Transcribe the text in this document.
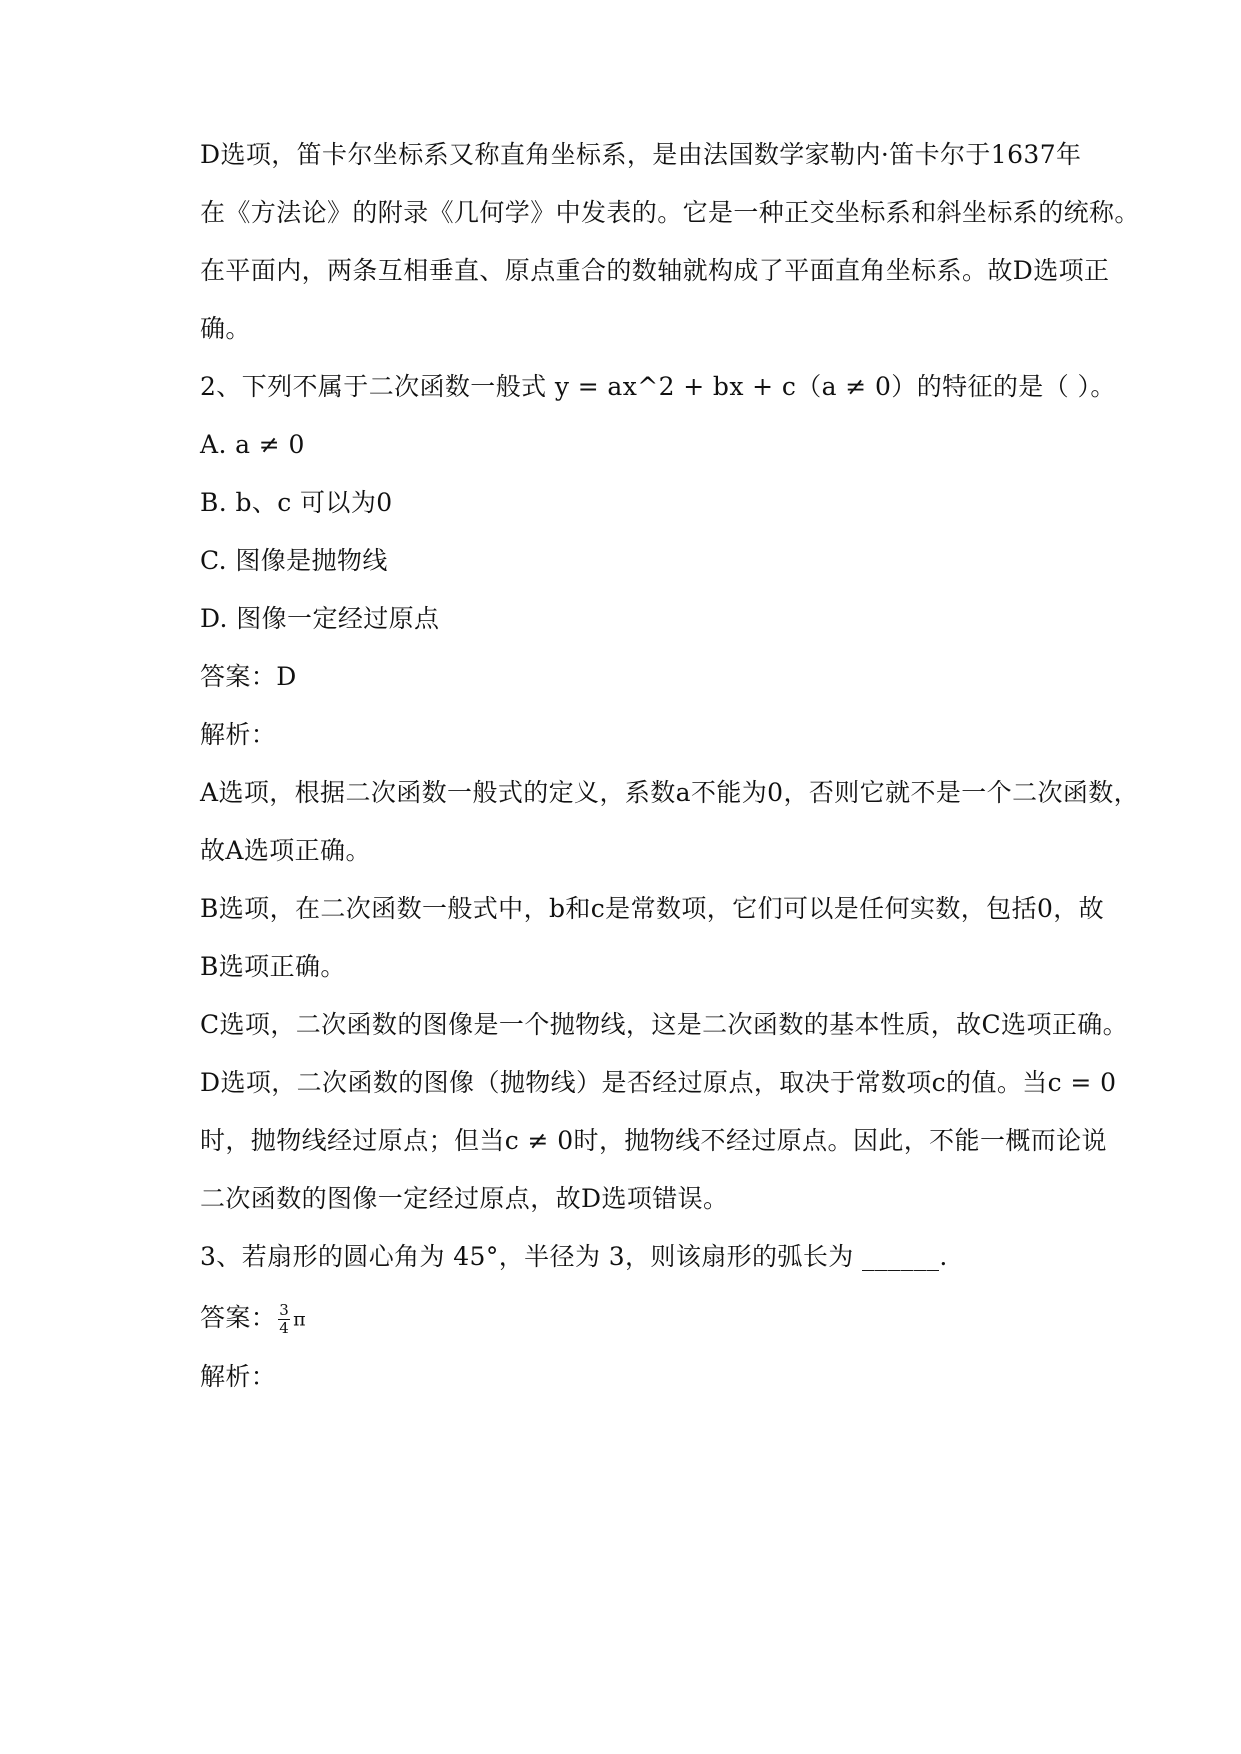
D选项，笛卡尔坐标系又称直角坐标系，是由法国数学家勒内·笛卡尔于1637年
在《方法论》的附录《几何学》中发表的。它是一种正交坐标系和斜坐标系的统称。
在平面内，两条互相垂直、原点重合的数轴就构成了平面直角坐标系。故D选项正
确。
2、下列不属于二次函数一般式 y = ax^2 + bx + c（a ≠ 0）的特征的是（ ）。
A. a ≠ 0
B. b、c 可以为0
C. 图像是抛物线
D. 图像一定经过原点
答案：D
解析：
A选项，根据二次函数一般式的定义，系数a不能为0，否则它就不是一个二次函数，
故A选项正确。
B选项，在二次函数一般式中，b和c是常数项，它们可以是任何实数，包括0，故
B选项正确。
C选项，二次函数的图像是一个抛物线，这是二次函数的基本性质，故C选项正确。
D选项，二次函数的图像（抛物线）是否经过原点，取决于常数项c的值。当c = 0
时，抛物线经过原点；但当c ≠ 0时，抛物线不经过原点。因此，不能一概而论说
二次函数的图像一定经过原点，故D选项错误。
3、若扇形的圆心角为 45°，半径为 3，则该扇形的弧长为 ______.
答案： $\frac{3}{4}$ π
解析：
